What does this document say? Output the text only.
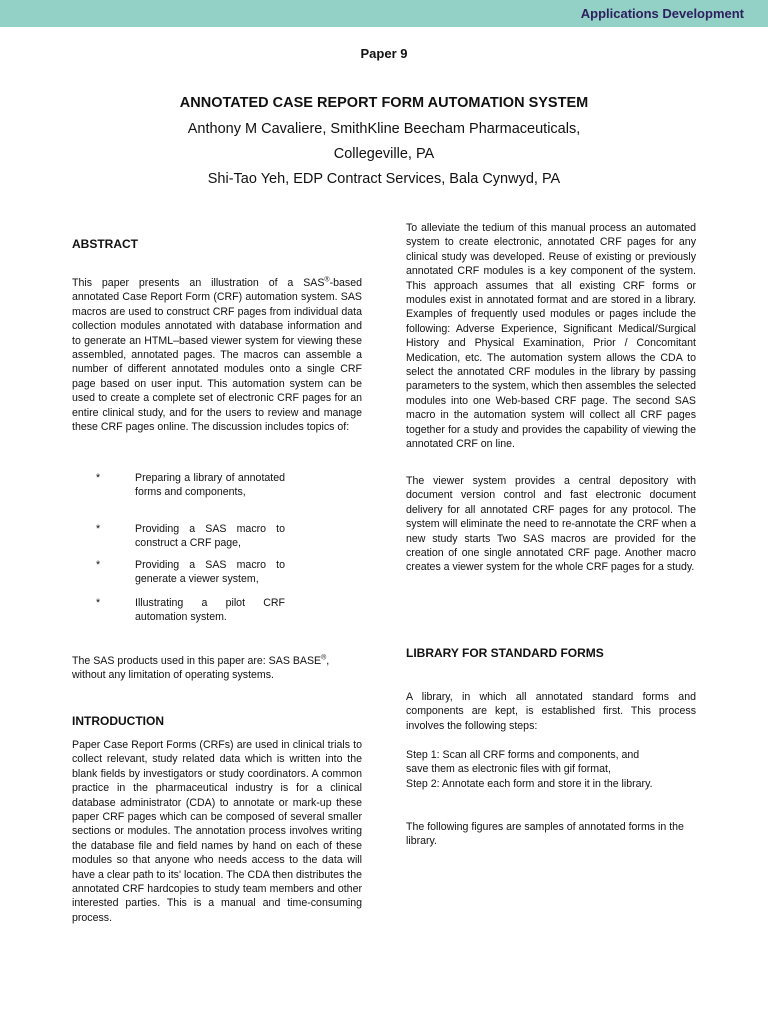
Applications Development
Paper 9
ANNOTATED CASE REPORT FORM AUTOMATION SYSTEM
Anthony M Cavaliere, SmithKline Beecham Pharmaceuticals,
Collegeville, PA
Shi-Tao Yeh, EDP Contract Services, Bala Cynwyd, PA
ABSTRACT
This paper presents an illustration of a SAS®-based annotated Case Report Form (CRF) automation system. SAS macros are used to construct CRF pages from individual data collection modules annotated with database information and to generate an HTML–based viewer system for viewing these assembled, annotated pages. The macros can assemble a number of different annotated modules onto a single CRF page based on user input. This automation system can be used to create a complete set of electronic CRF pages for an entire clinical study, and for the users to review and manage these CRF pages online. The discussion includes topics of:
*	Preparing a library of annotated forms and components,
*	Providing a SAS macro to construct a CRF page,
*	Providing a SAS macro to generate a viewer system,
*	Illustrating a pilot CRF automation system.
The SAS products used in this paper are: SAS BASE®, without any limitation of operating systems.
INTRODUCTION
Paper Case Report Forms (CRFs) are used in clinical trials to collect relevant, study related data which is written into the blank fields by investigators or study coordinators. A common practice in the pharmaceutical industry is for a clinical database administrator (CDA) to annotate or mark-up these paper CRF pages which can be composed of several smaller sections or modules. The annotation process involves writing the database file and field names by hand on each of these modules so that anyone who needs access to the data will have a clear path to its' location. The CDA then distributes the annotated CRF hardcopies to study team members and other interested parties. This is a manual and time-consuming process.
To alleviate the tedium of this manual process an automated system to create electronic, annotated CRF pages for any clinical study was developed. Reuse of existing or previously annotated CRF modules is a key component of the system. This approach assumes that all existing CRF forms or modules exist in annotated format and are stored in a library. Examples of frequently used modules or pages include the following: Adverse Experience, Significant Medical/Surgical History and Physical Examination, Prior / Concomitant Medication, etc. The automation system allows the CDA to select the annotated CRF modules in the library by passing parameters to the system, which then assembles the selected modules into one Web-based CRF page. The second SAS macro in the automation system will collect all CRF pages together for a study and provides the capability of viewing the annotated CRF on line.
The viewer system provides a central depository with document version control and fast electronic document delivery for all annotated CRF pages for any protocol. The system will eliminate the need to re-annotate the CRF when a new study starts Two SAS macros are provided for the creation of one single annotated CRF page. Another macro creates a viewer system for the whole CRF pages for a study.
LIBRARY FOR STANDARD FORMS
A library, in which all annotated standard forms and components are kept, is established first. This process involves the following steps:
Step 1: Scan all CRF forms and components, and
save them as electronic files with gif format,
Step 2: Annotate each form and store it in the library.
The following figures are samples of annotated forms in the library.
